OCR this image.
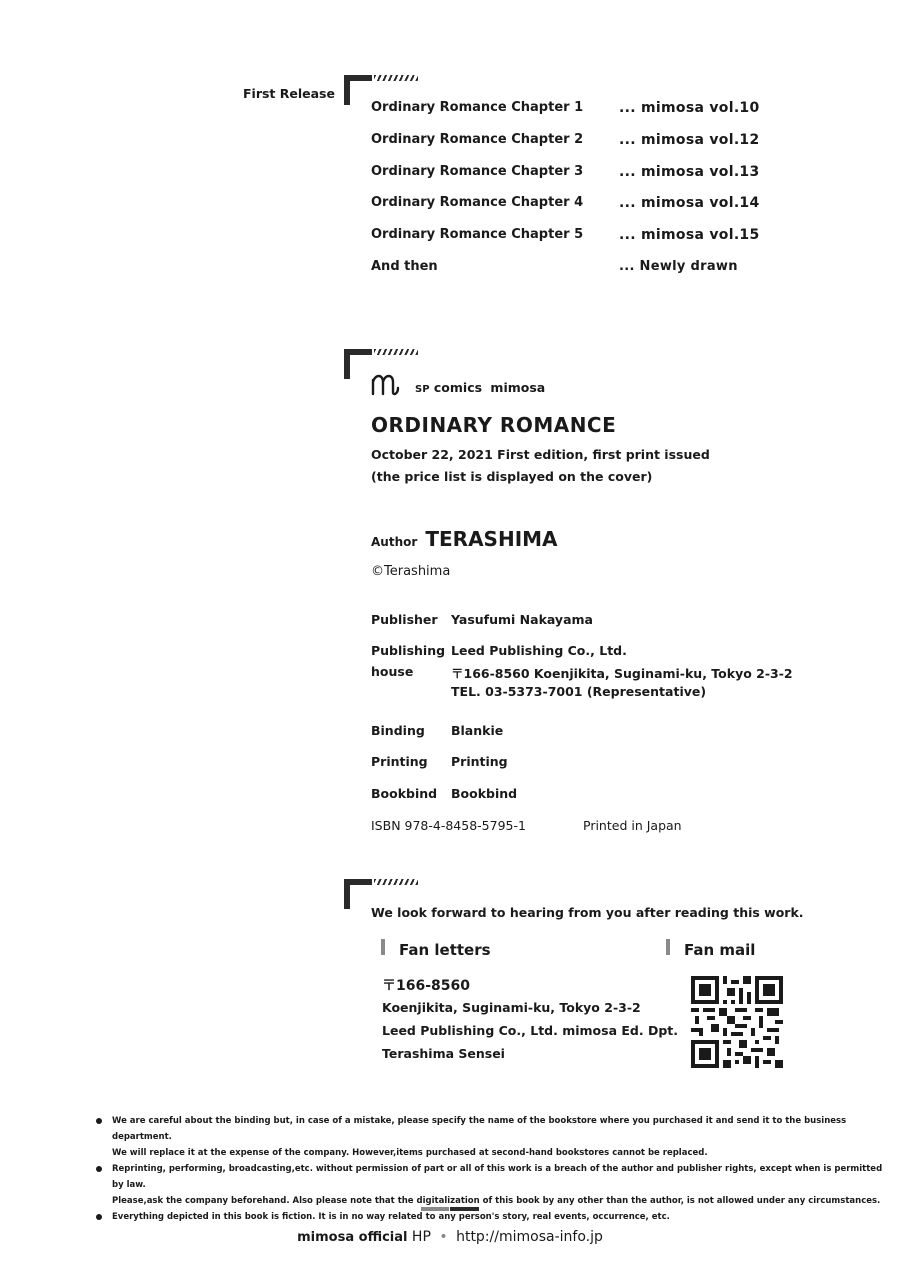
First Release
Ordinary Romance Chapter 1	... mimosa vol.10
Ordinary Romance Chapter 2	... mimosa vol.12
Ordinary Romance Chapter 3	... mimosa vol.13
Ordinary Romance Chapter 4	... mimosa vol.14
Ordinary Romance Chapter 5	... mimosa vol.15
And then	... Newly drawn
SP comics mimosa
ORDINARY ROMANCE
October 22, 2021 First edition, first print issued
(the price list is displayed on the cover)
Author TERASHIMA
©Terashima
Publisher Yasufumi Nakayama
Publishing
house
Leed Publishing Co., Ltd.
〒166-8560 Koenjikita, Suginami-ku, Tokyo 2-3-2
TEL. 03-5373-7001 (Representative)
Binding Blankie
Printing Printing
Bookbind Bookbind
ISBN 978-4-8458-5795-1	Printed in Japan
We look forward to hearing from you after reading this work.
Fan letters	Fan mail
〒166-8560
Koenjikita, Suginami-ku, Tokyo 2-3-2
Leed Publishing Co., Ltd. mimosa Ed. Dpt.
Terashima Sensei
We are careful about the binding but, in case of a mistake, please specify the name of the bookstore where you purchased it and send it to the business department.
We will replace it at the expense of the company. However,items purchased at second-hand bookstores cannot be replaced.
Reprinting, performing, broadcasting,etc. without permission of part or all of this work is a breach of the author and publisher rights, except when is permitted by law.
Please,ask the company beforehand. Also please note that the digitalization of this book by any other than the author, is not allowed under any circumstances.
Everything depicted in this book is fiction. It is in no way related to any person's story, real events, occurrence, etc.
mimosa official HP • http://mimosa-info.jp
